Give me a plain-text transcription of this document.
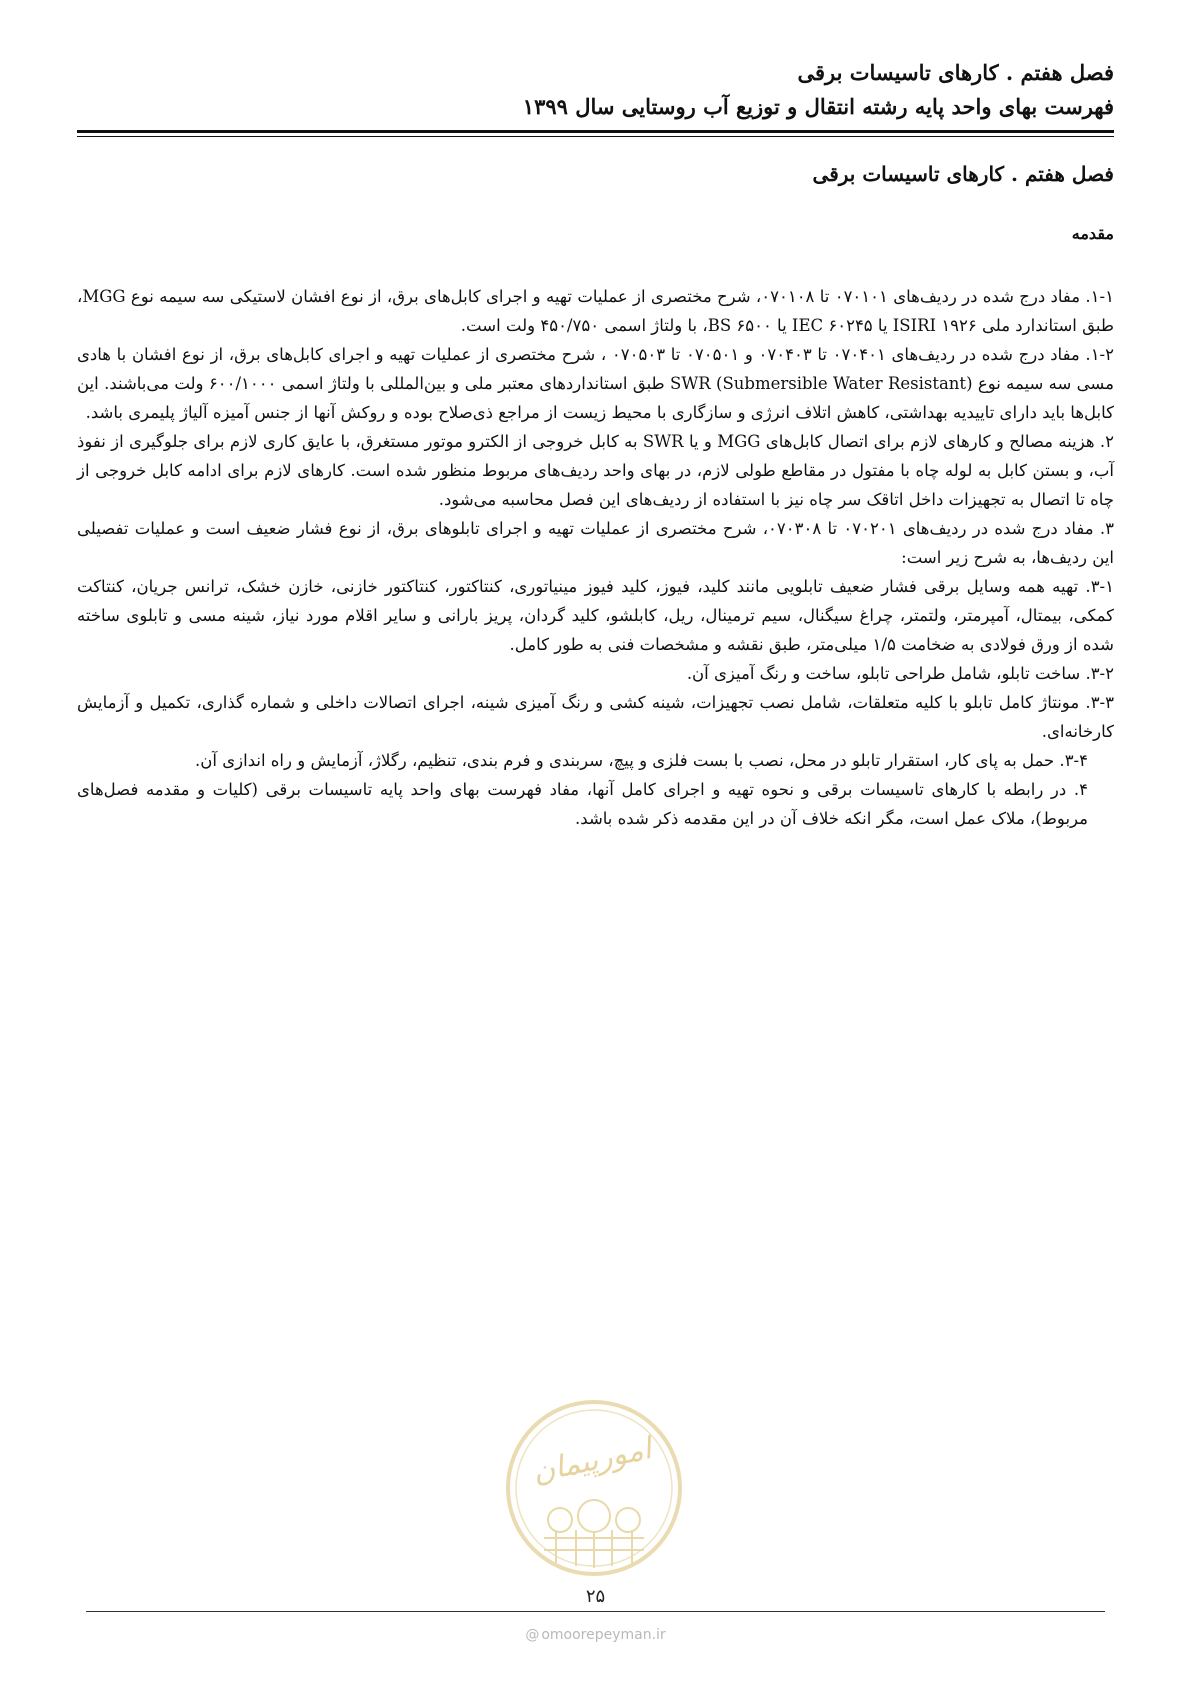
فصل هفتم . کارهای تاسیسات برقی
فهرست بهای واحد پایه رشته انتقال و توزیع آب روستایی سال ۱۳۹۹
فصل هفتم . کارهای تاسیسات برقی
مقدمه

۱-۱. مفاد درج شده در ردیف‌های ۰۷۰۱۰۱ تا ۰۷۰۱۰۸، شرح مختصری از عملیات تهیه و اجرای کابل‌های برق، از نوع افشان لاستیکی سه سیمه نوع MGG، طبق استاندارد ملی ۱۹۲۶ ISIRI یا IEC ۶۰۲۴۵ یا BS ۶۵۰۰، با ولتاژ اسمی ۴۵۰/۷۵۰ ولت است.

۱-۲. مفاد درج شده در ردیف‌های ۰۷۰۴۰۱ تا ۰۷۰۴۰۳ و ۰۷۰۵۰۱ تا ۰۷۰۵۰۳ ، شرح مختصری از عملیات تهیه و اجرای کابل‌های برق، از نوع افشان با هادی مسی سه سیمه نوع SWR (Submersible Water Resistant) طبق استانداردهای معتبر ملی و بین‌المللی با ولتاژ اسمی ۶۰۰/۱۰۰۰ ولت می‌باشند. این کابل‌ها باید دارای تاییدیه بهداشتی، کاهش اتلاف انرژی و سازگاری با محیط زیست از مراجع ذی‌صلاح بوده و روکش آنها از جنس آمیزه آلیاژ پلیمری باشد.

۲. هزینه مصالح و کارهای لازم برای اتصال کابل‌های MGG و یا SWR به کابل خروجی از الکترو موتور مستغرق، با عایق کاری لازم برای جلوگیری از نفوذ آب، و بستن کابل به لوله چاه با مفتول در مقاطع طولی لازم، در بهای واحد ردیف‌های مربوط منظور شده است. کارهای لازم برای ادامه کابل خروجی از چاه تا اتصال به تجهیزات داخل اتاقک سر چاه نیز با استفاده از ردیف‌های این فصل محاسبه می‌شود.

۳. مفاد درج شده در ردیف‌های ۰۷۰۲۰۱ تا ۰۷۰۳۰۸، شرح مختصری از عملیات تهیه و اجرای تابلوهای برق، از نوع فشار ضعیف است و عملیات تفصیلی این ردیف‌ها، به شرح زیر است:

۳-۱. تهیه همه وسایل برقی فشار ضعیف تابلویی مانند کلید، فیوز، کلید فیوز مینیاتوری، کنتاکتور، کنتاکتور خازنی، خازن خشک، ترانس جریان، کنتاکت کمکی، بیمتال، آمپرمتر، ولتمتر، چراغ سیگنال، سیم ترمینال، ریل، کابلشو، کلید گردان، پریز بارانی و سایر اقلام مورد نیاز، شینه مسی و تابلوی ساخته شده از ورق فولادی به ضخامت ۱/۵ میلی‌متر، طبق نقشه و مشخصات فنی به طور کامل.

۳-۲. ساخت تابلو، شامل طراحی تابلو، ساخت و رنگ آمیزی آن.

۳-۳. مونتاژ کامل تابلو با کلیه متعلقات، شامل نصب تجهیزات، شینه کشی و رنگ آمیزی شینه، اجرای اتصالات داخلی و شماره گذاری، تکمیل و آزمایش کارخانه‌ای.

۳-۴. حمل به پای کار، استقرار تابلو در محل، نصب با بست فلزی و پیچ، سربندی و فرم بندی، تنظیم، رگلاژ، آزمایش و راه اندازی آن.

۴. در رابطه با کارهای تاسیسات برقی و نحوه تهیه و اجرای کامل آنها، مفاد فهرست بهای واحد پایه تاسیسات برقی (کلیات و مقدمه فصل‌های مربوط)، ملاک عمل است، مگر انکه خلاف آن در این مقدمه ذکر شده باشد.

امورپیمان
۲۵
@ omoorepeyman.ir
